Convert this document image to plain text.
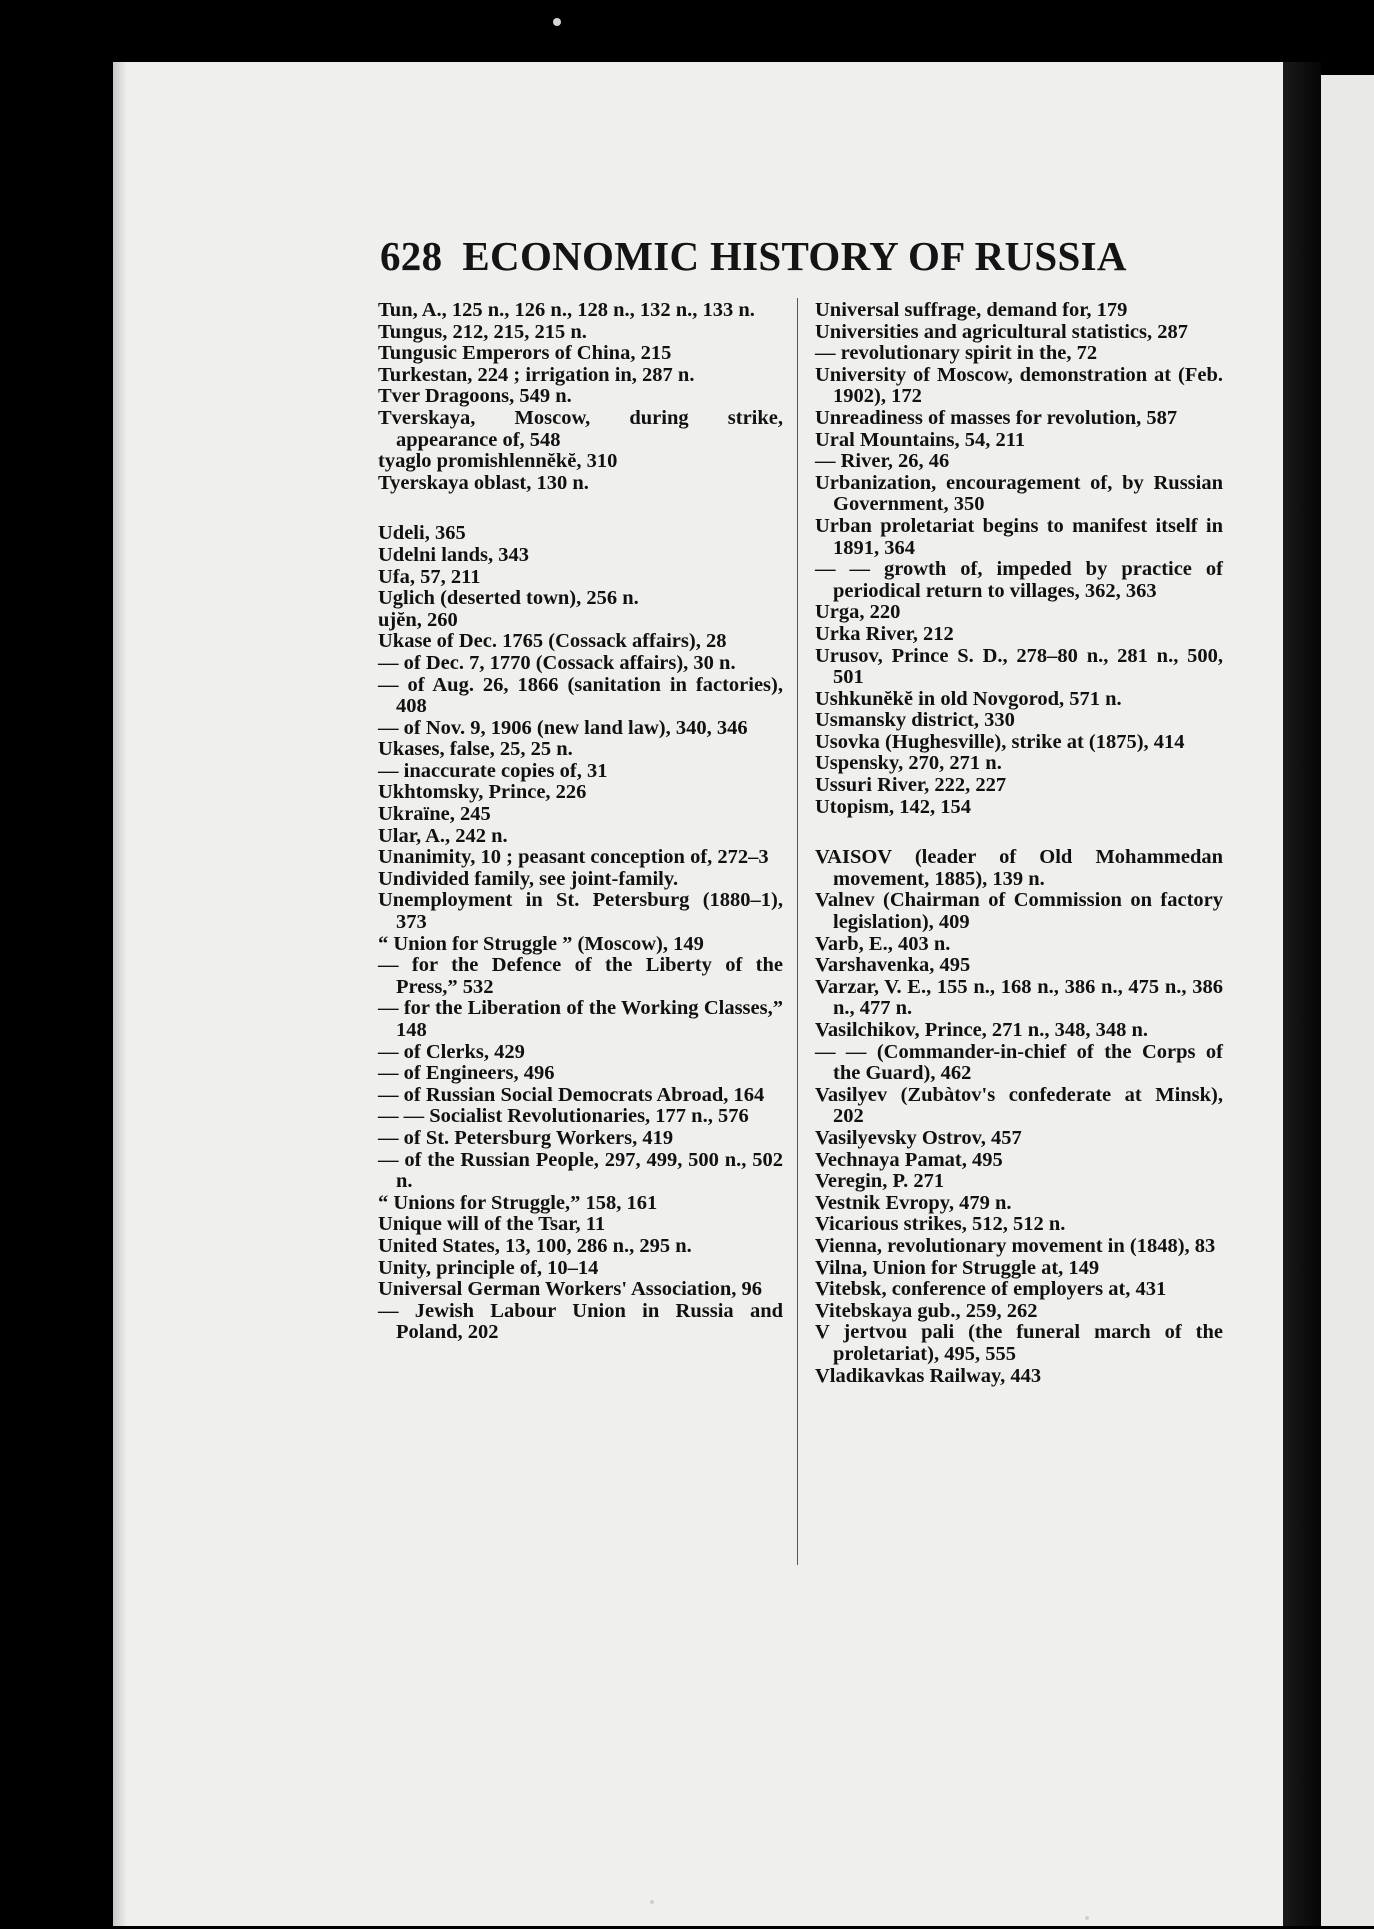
628 ECONOMIC HISTORY OF RUSSIA
Tun, A., 125 n., 126 n., 128 n., 132 n., 133 n.
Tungus, 212, 215, 215 n.
Tungusic Emperors of China, 215
Turkestan, 224 ; irrigation in, 287 n.
Tver Dragoons, 549 n.
Tverskaya, Moscow, during strike, appearance of, 548
tyaglo promishlennĕkĕ, 310
Tyerskaya oblast, 130 n.
Udeli, 365
Udelni lands, 343
Ufa, 57, 211
Uglich (deserted town), 256 n.
ujĕn, 260
Ukase of Dec. 1765 (Cossack affairs), 28
— of Dec. 7, 1770 (Cossack affairs), 30 n.
— of Aug. 26, 1866 (sanitation in factories), 408
— of Nov. 9, 1906 (new land law), 340, 346
Ukases, false, 25, 25 n.
— inaccurate copies of, 31
Ukhtomsky, Prince, 226
Ukraïne, 245
Ular, A., 242 n.
Unanimity, 10 ; peasant conception of, 272–3
Undivided family, see joint-family.
Unemployment in St. Petersburg (1880–1), 373
“ Union for Struggle ” (Moscow), 149
— for the Defence of the Liberty of the Press,” 532
— for the Liberation of the Working Classes,” 148
— of Clerks, 429
— of Engineers, 496
— of Russian Social Democrats Abroad, 164
— — Socialist Revolutionaries, 177 n., 576
— of St. Petersburg Workers, 419
— of the Russian People, 297, 499, 500 n., 502 n.
“ Unions for Struggle,” 158, 161
Unique will of the Tsar, 11
United States, 13, 100, 286 n., 295 n.
Unity, principle of, 10–14
Universal German Workers' Association, 96
— Jewish Labour Union in Russia and Poland, 202
Universal suffrage, demand for, 179
Universities and agricultural statistics, 287
— revolutionary spirit in the, 72
University of Moscow, demonstration at (Feb. 1902), 172
Unreadiness of masses for revolution, 587
Ural Mountains, 54, 211
— River, 26, 46
Urbanization, encouragement of, by Russian Government, 350
Urban proletariat begins to manifest itself in 1891, 364
— — growth of, impeded by practice of periodical return to villages, 362, 363
Urga, 220
Urka River, 212
Urusov, Prince S. D., 278–80 n., 281 n., 500, 501
Ushkunĕkĕ in old Novgorod, 571 n.
Usmansky district, 330
Usovka (Hughesville), strike at (1875), 414
Uspensky, 270, 271 n.
Ussuri River, 222, 227
Utopism, 142, 154
VAISOV (leader of Old Mohammedan movement, 1885), 139 n.
Valnev (Chairman of Commission on factory legislation), 409
Varb, E., 403 n.
Varshavenka, 495
Varzar, V. E., 155 n., 168 n., 386 n., 475 n., 386 n., 477 n.
Vasilchikov, Prince, 271 n., 348, 348 n.
— — (Commander-in-chief of the Corps of the Guard), 462
Vasilyev (Zubàtov's confederate at Minsk), 202
Vasilyevsky Ostrov, 457
Vechnaya Pamat, 495
Veregin, P. 271
Vestnik Evropy, 479 n.
Vicarious strikes, 512, 512 n.
Vienna, revolutionary movement in (1848), 83
Vilna, Union for Struggle at, 149
Vitebsk, conference of employers at, 431
Vitebskaya gub., 259, 262
V jertvou pali (the funeral march of the proletariat), 495, 555
Vladikavkas Railway, 443
